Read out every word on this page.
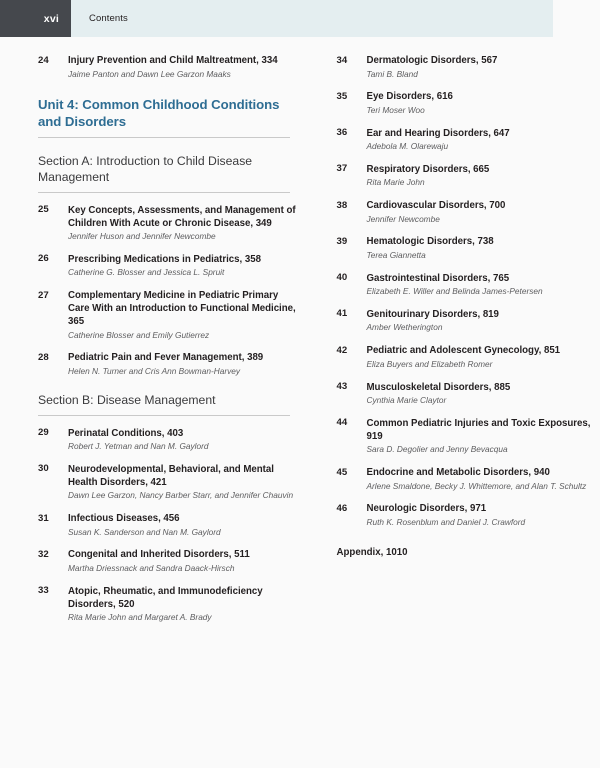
xvi	Contents
24	Injury Prevention and Child Maltreatment, 334
Jaime Panton and Dawn Lee Garzon Maaks
Unit 4: Common Childhood Conditions and Disorders
Section A: Introduction to Child Disease Management
25	Key Concepts, Assessments, and Management of Children With Acute or Chronic Disease, 349
Jennifer Huson and Jennifer Newcombe
26	Prescribing Medications in Pediatrics, 358
Catherine G. Blosser and Jessica L. Spruit
27	Complementary Medicine in Pediatric Primary Care With an Introduction to Functional Medicine, 365
Catherine Blosser and Emily Gutierrez
28	Pediatric Pain and Fever Management, 389
Helen N. Turner and Cris Ann Bowman-Harvey
Section B: Disease Management
29	Perinatal Conditions, 403
Robert J. Yetman and Nan M. Gaylord
30	Neurodevelopmental, Behavioral, and Mental Health Disorders, 421
Dawn Lee Garzon, Nancy Barber Starr, and Jennifer Chauvin
31	Infectious Diseases, 456
Susan K. Sanderson and Nan M. Gaylord
32	Congenital and Inherited Disorders, 511
Martha Driessnack and Sandra Daack-Hirsch
33	Atopic, Rheumatic, and Immunodeficiency Disorders, 520
Rita Marie John and Margaret A. Brady
34	Dermatologic Disorders, 567
Tami B. Bland
35	Eye Disorders, 616
Teri Moser Woo
36	Ear and Hearing Disorders, 647
Adebola M. Olarewaju
37	Respiratory Disorders, 665
Rita Marie John
38	Cardiovascular Disorders, 700
Jennifer Newcombe
39	Hematologic Disorders, 738
Terea Giannetta
40	Gastrointestinal Disorders, 765
Elizabeth E. Willer and Belinda James-Petersen
41	Genitourinary Disorders, 819
Amber Wetherington
42	Pediatric and Adolescent Gynecology, 851
Eliza Buyers and Elizabeth Romer
43	Musculoskeletal Disorders, 885
Cynthia Marie Claytor
44	Common Pediatric Injuries and Toxic Exposures, 919
Sara D. Degolier and Jenny Bevacqua
45	Endocrine and Metabolic Disorders, 940
Arlene Smaldone, Becky J. Whittemore, and Alan T. Schultz
46	Neurologic Disorders, 971
Ruth K. Rosenblum and Daniel J. Crawford
Appendix, 1010
